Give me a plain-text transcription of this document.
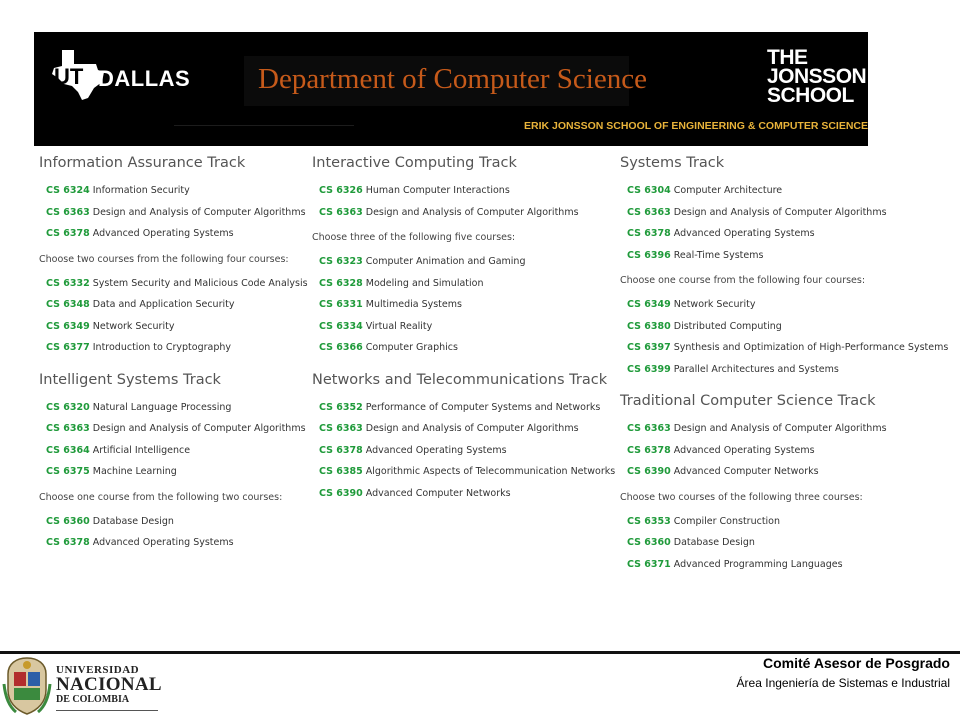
UT DALLAS Department of Computer Science
THE
JONSSON
SCHOOL
ERIK JONSSON SCHOOL OF ENGINEERING & COMPUTER SCIENCE
Information Assurance Track
CS 6324 Information Security
CS 6363 Design and Analysis of Computer Algorithms
CS 6378 Advanced Operating Systems
Choose two courses from the following four courses:
CS 6332 System Security and Malicious Code Analysis
CS 6348 Data and Application Security
CS 6349 Network Security
CS 6377 Introduction to Cryptography
Intelligent Systems Track
CS 6320 Natural Language Processing
CS 6363 Design and Analysis of Computer Algorithms
CS 6364 Artificial Intelligence
CS 6375 Machine Learning
Choose one course from the following two courses:
CS 6360 Database Design
CS 6378 Advanced Operating Systems
Interactive Computing Track
CS 6326 Human Computer Interactions
CS 6363 Design and Analysis of Computer Algorithms
Choose three of the following five courses:
CS 6323 Computer Animation and Gaming
CS 6328 Modeling and Simulation
CS 6331 Multimedia Systems
CS 6334 Virtual Reality
CS 6366 Computer Graphics
Networks and Telecommunications Track
CS 6352 Performance of Computer Systems and Networks
CS 6363 Design and Analysis of Computer Algorithms
CS 6378 Advanced Operating Systems
CS 6385 Algorithmic Aspects of Telecommunication Networks
CS 6390 Advanced Computer Networks
Systems Track
CS 6304 Computer Architecture
CS 6363 Design and Analysis of Computer Algorithms
CS 6378 Advanced Operating Systems
CS 6396 Real-Time Systems
Choose one course from the following four courses:
CS 6349 Network Security
CS 6380 Distributed Computing
CS 6397 Synthesis and Optimization of High-Performance Systems
CS 6399 Parallel Architectures and Systems
Traditional Computer Science Track
CS 6363 Design and Analysis of Computer Algorithms
CS 6378 Advanced Operating Systems
CS 6390 Advanced Computer Networks
Choose two courses of the following three courses:
CS 6353 Compiler Construction
CS 6360 Database Design
CS 6371 Advanced Programming Languages
UNIVERSIDAD
NACIONAL
DE COLOMBIA
Comité Asesor de Posgrado
Área Ingeniería de Sistemas e Industrial
